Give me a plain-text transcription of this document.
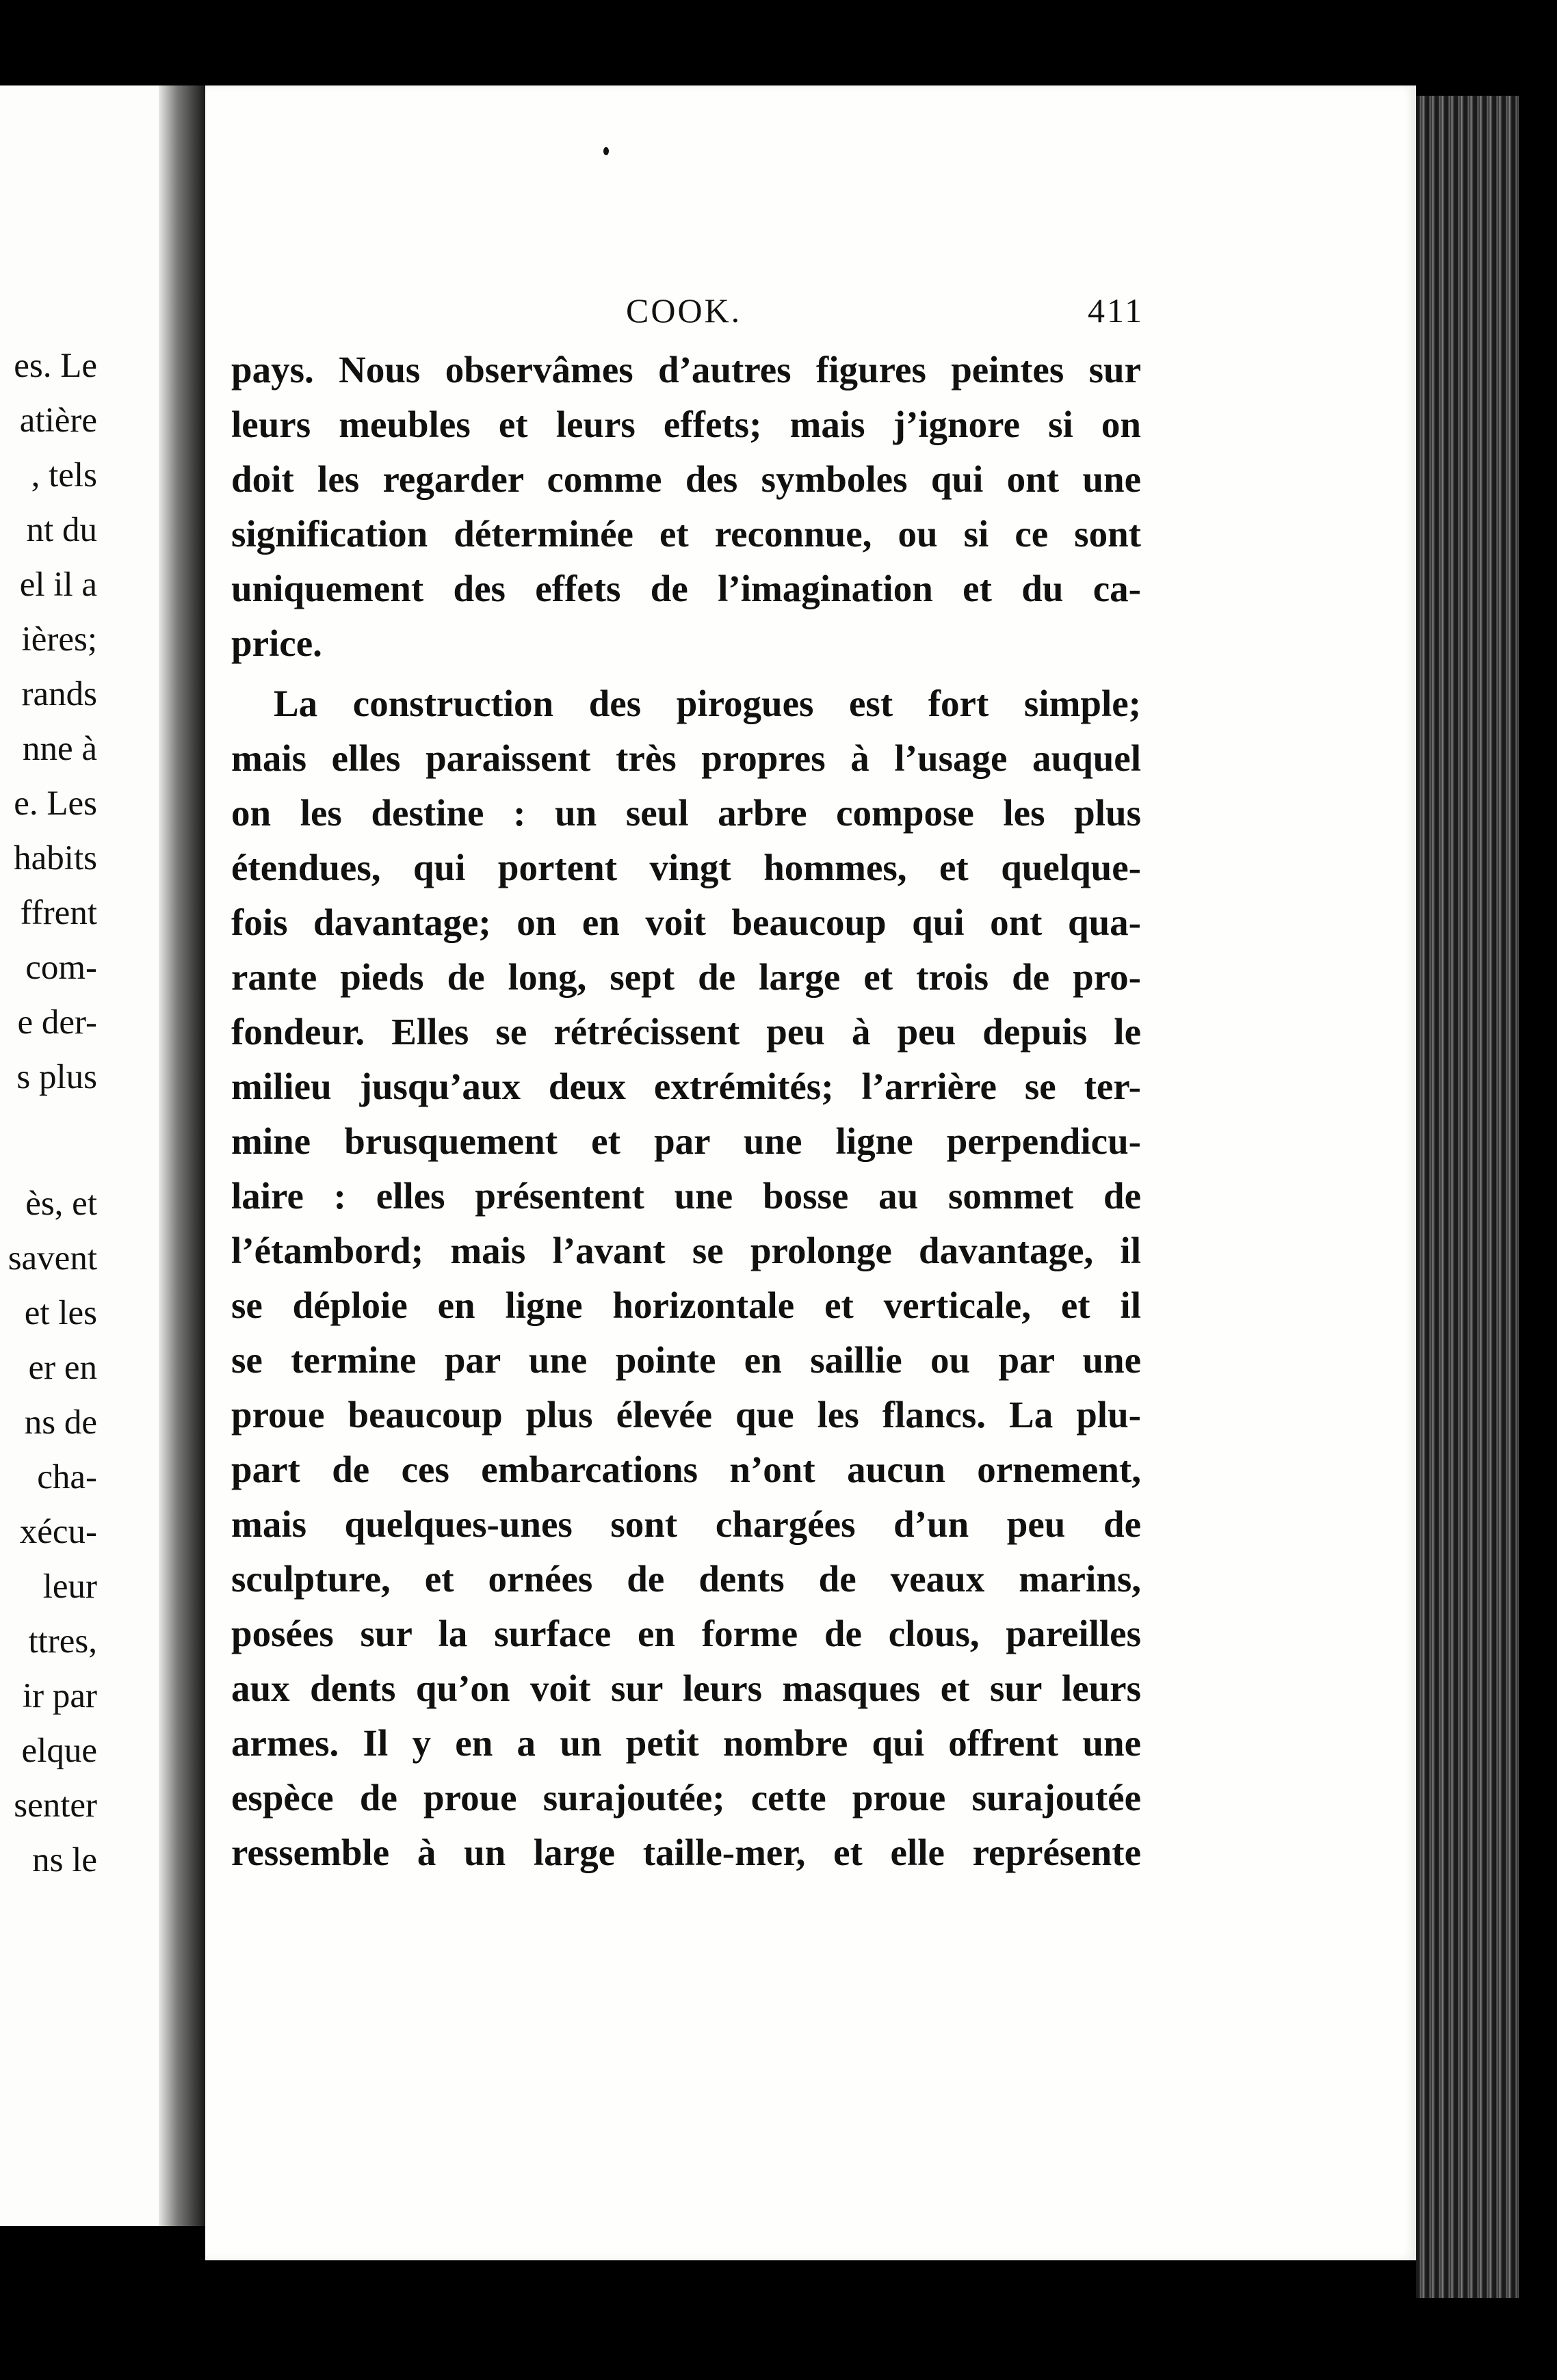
es. Le
atière
, tels
nt du
el il a
ières;
rands
nne à
e. Les
habits
ffrent
com-
e der-
s plus
ès, et
savent
et les
er en
ns de
cha-
xécu-
leur
ttres,
ir par
elque
senter
ns le
COOK.	411
pays. Nous observâmes d’autres figures peintes sur
leurs meubles et leurs effets; mais j’ignore si on
doit les regarder comme des symboles qui ont une
signification déterminée et reconnue, ou si ce sont
uniquement des effets de l’imagination et du ca-
price.
La construction des pirogues est fort simple;
mais elles paraissent très propres à l’usage auquel
on les destine : un seul arbre compose les plus
étendues, qui portent vingt hommes, et quelque-
fois davantage; on en voit beaucoup qui ont qua-
rante pieds de long, sept de large et trois de pro-
fondeur. Elles se rétrécissent peu à peu depuis le
milieu jusqu’aux deux extrémités; l’arrière se ter-
mine brusquement et par une ligne perpendicu-
laire : elles présentent une bosse au sommet de
l’étambord; mais l’avant se prolonge davantage, il
se déploie en ligne horizontale et verticale, et il
se termine par une pointe en saillie ou par une
proue beaucoup plus élevée que les flancs. La plu-
part de ces embarcations n’ont aucun ornement,
mais quelques-unes sont chargées d’un peu de
sculpture, et ornées de dents de veaux marins,
posées sur la surface en forme de clous, pareilles
aux dents qu’on voit sur leurs masques et sur leurs
armes. Il y en a un petit nombre qui offrent une
espèce de proue surajoutée; cette proue surajoutée
ressemble à un large taille-mer, et elle représente
